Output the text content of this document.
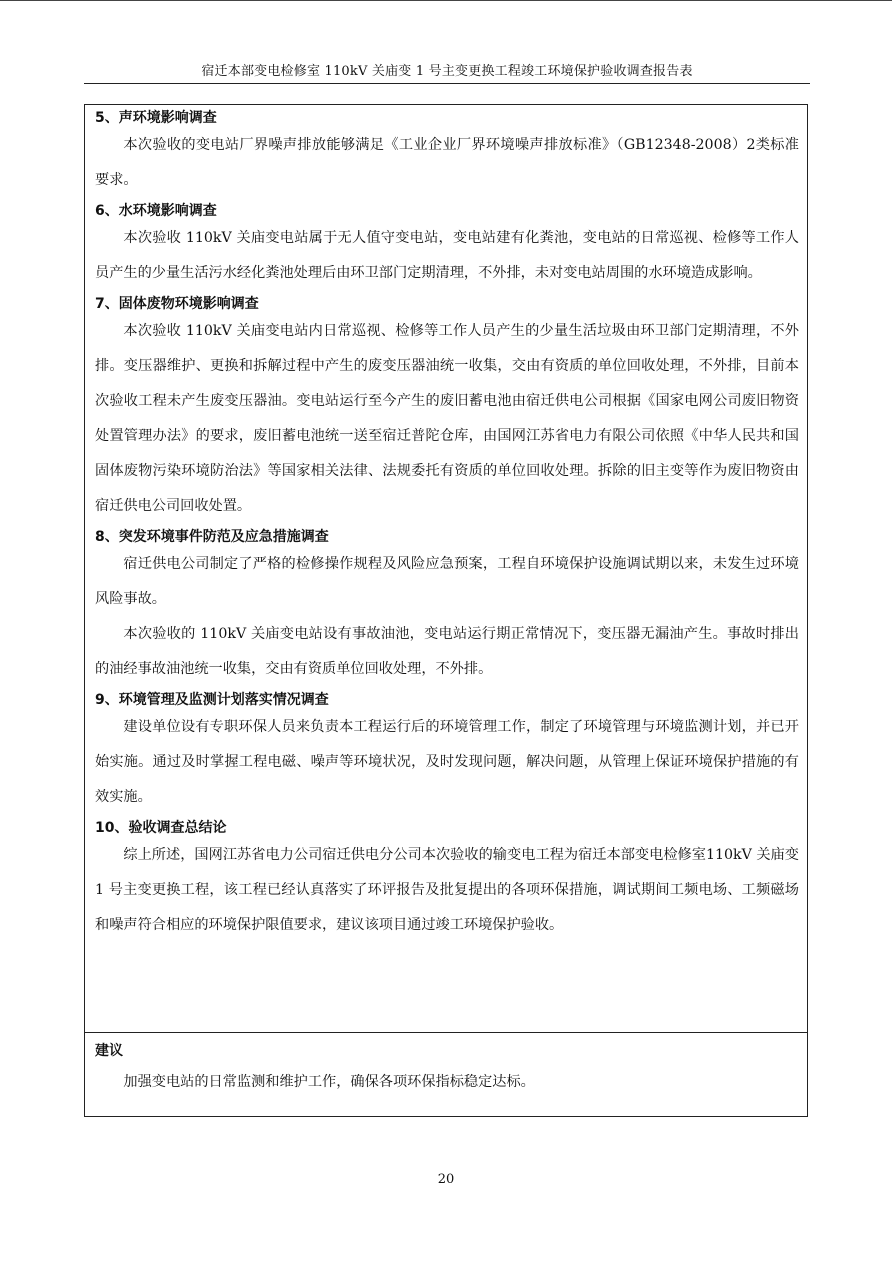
宿迁本部变电检修室 110kV 关庙变 1 号主变更换工程竣工环境保护验收调查报告表
5、声环境影响调查

本次验收的变电站厂界噪声排放能够满足《工业企业厂界环境噪声排放标准》（GB12348-2008）2类标准要求。

6、水环境影响调查

本次验收 110kV 关庙变电站属于无人值守变电站，变电站建有化粪池，变电站的日常巡视、检修等工作人员产生的少量生活污水经化粪池处理后由环卫部门定期清理，不外排，未对变电站周围的水环境造成影响。

7、固体废物环境影响调查

本次验收 110kV 关庙变电站内日常巡视、检修等工作人员产生的少量生活垃圾由环卫部门定期清理，不外排。变压器维护、更换和拆解过程中产生的废变压器油统一收集，交由有资质的单位回收处理，不外排，目前本次验收工程未产生废变压器油。变电站运行至今产生的废旧蓄电池由宿迁供电公司根据《国家电网公司废旧物资处置管理办法》的要求，废旧蓄电池统一送至宿迁普陀仓库，由国网江苏省电力有限公司依照《中华人民共和国固体废物污染环境防治法》等国家相关法律、法规委托有资质的单位回收处理。拆除的旧主变等作为废旧物资由宿迁供电公司回收处置。

8、突发环境事件防范及应急措施调查

宿迁供电公司制定了严格的检修操作规程及风险应急预案，工程自环境保护设施调试期以来，未发生过环境风险事故。

本次验收的 110kV 关庙变电站设有事故油池，变电站运行期正常情况下，变压器无漏油产生。事故时排出的油经事故油池统一收集，交由有资质单位回收处理，不外排。

9、环境管理及监测计划落实情况调查

建设单位设有专职环保人员来负责本工程运行后的环境管理工作，制定了环境管理与环境监测计划，并已开始实施。通过及时掌握工程电磁、噪声等环境状况，及时发现问题，解决问题，从管理上保证环境保护措施的有效实施。

10、验收调查总结论

综上所述，国网江苏省电力公司宿迁供电分公司本次验收的输变电工程为宿迁本部变电检修室110kV 关庙变 1 号主变更换工程，该工程已经认真落实了环评报告及批复提出的各项环保措施，调试期间工频电场、工频磁场和噪声符合相应的环境保护限值要求，建议该项目通过竣工环境保护验收。

建议

加强变电站的日常监测和维护工作，确保各项环保指标稳定达标。

20
